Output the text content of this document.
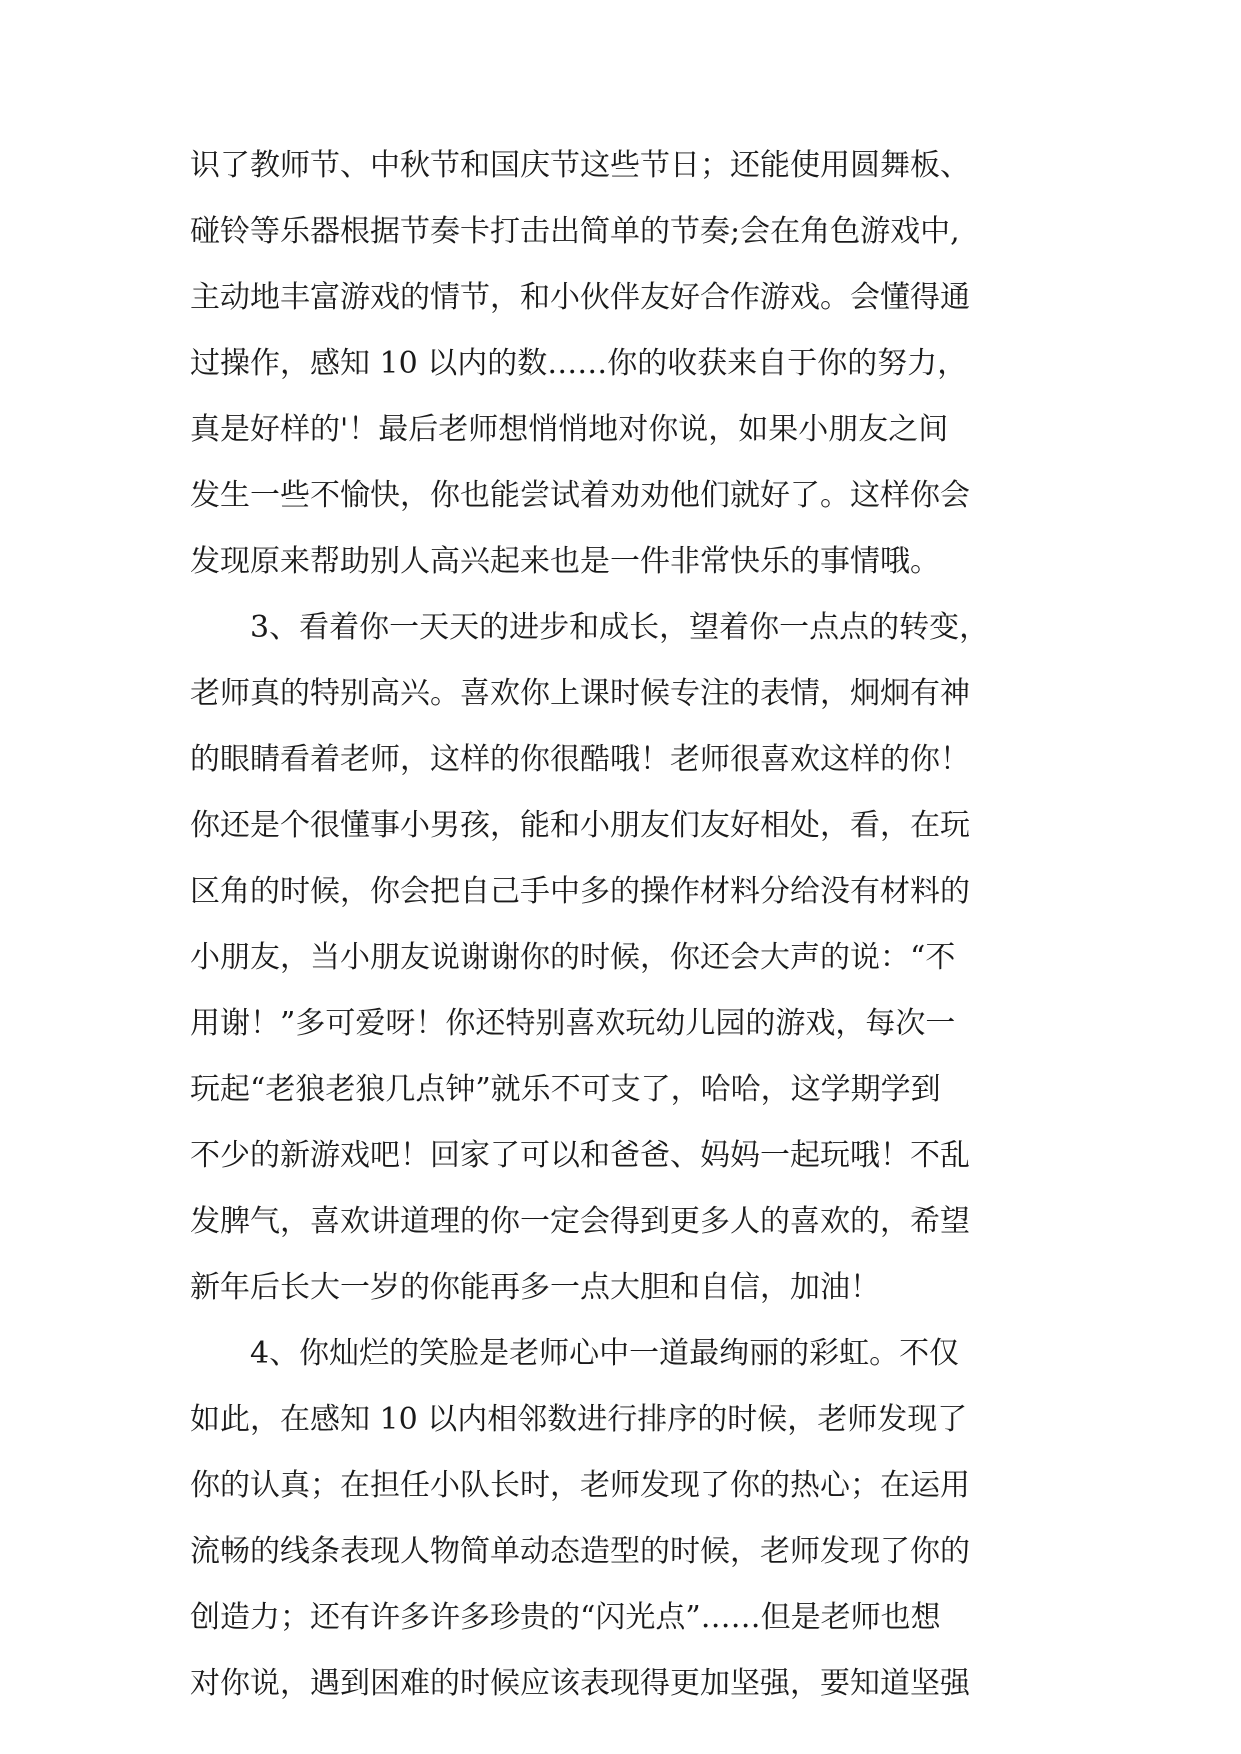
识了教师节、中秋节和国庆节这些节日；还能使用圆舞板、
碰铃等乐器根据节奏卡打击出简单的节奏;会在角色游戏中,
主动地丰富游戏的情节，和小伙伴友好合作游戏。会懂得通
过操作，感知 10 以内的数……你的收获来自于你的努力，
真是好样的'！最后老师想悄悄地对你说，如果小朋友之间
发生一些不愉快，你也能尝试着劝劝他们就好了。这样你会
发现原来帮助别人高兴起来也是一件非常快乐的事情哦。
　　3、看着你一天天的进步和成长，望着你一点点的转变，
老师真的特别高兴。喜欢你上课时候专注的表情，炯炯有神
的眼睛看着老师，这样的你很酷哦！老师很喜欢这样的你！
你还是个很懂事小男孩，能和小朋友们友好相处，看，在玩
区角的时候，你会把自己手中多的操作材料分给没有材料的
小朋友，当小朋友说谢谢你的时候，你还会大声的说：“不
用谢！”多可爱呀！你还特别喜欢玩幼儿园的游戏，每次一
玩起“老狼老狼几点钟”就乐不可支了，哈哈，这学期学到
不少的新游戏吧！回家了可以和爸爸、妈妈一起玩哦！不乱
发脾气，喜欢讲道理的你一定会得到更多人的喜欢的，希望
新年后长大一岁的你能再多一点大胆和自信，加油！
　　4、你灿烂的笑脸是老师心中一道最绚丽的彩虹。不仅
如此，在感知 10 以内相邻数进行排序的时候，老师发现了
你的认真；在担任小队长时，老师发现了你的热心；在运用
流畅的线条表现人物简单动态造型的时候，老师发现了你的
创造力；还有许多许多珍贵的“闪光点”……但是老师也想
对你说，遇到困难的时候应该表现得更加坚强，要知道坚强
